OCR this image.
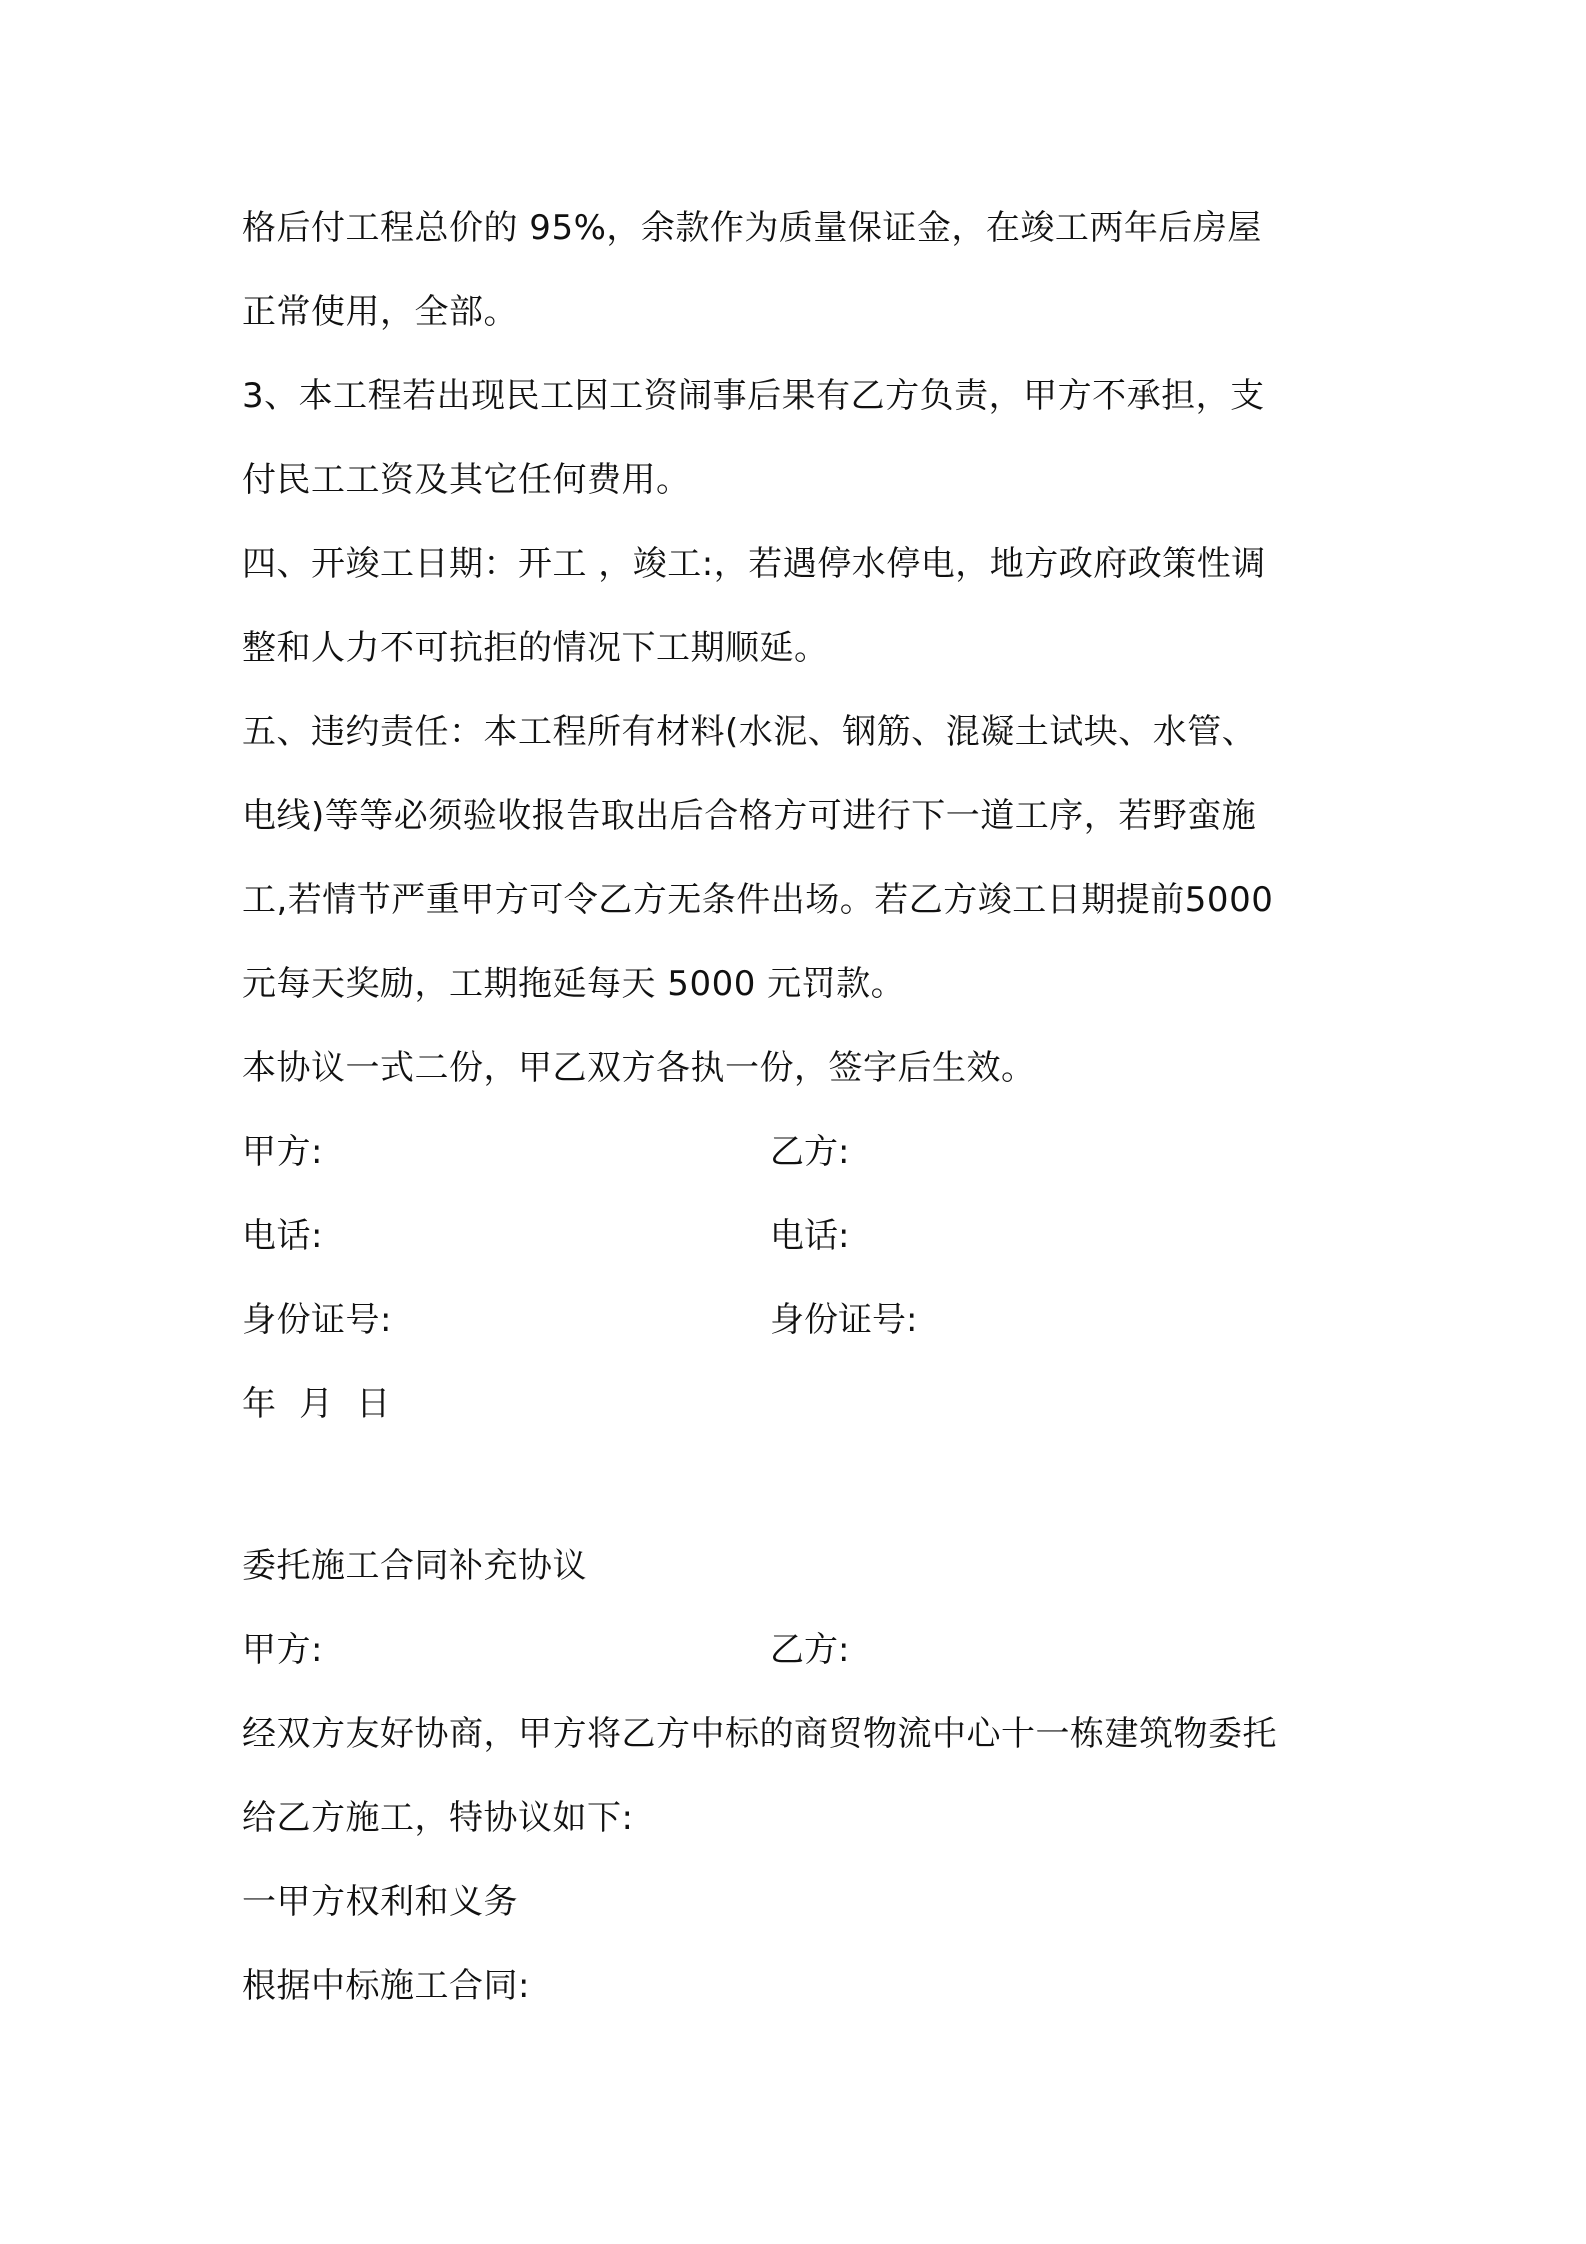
格后付工程总价的 95%，余款作为质量保证金，在竣工两年后房屋
正常使用，全部。
3、本工程若出现民工因工资闹事后果有乙方负责，甲方不承担，支
付民工工资及其它任何费用。
四、开竣工日期：开工 ，竣工:，若遇停水停电，地方政府政策性调
整和人力不可抗拒的情况下工期顺延。
五、违约责任：本工程所有材料(水泥、钢筋、混凝土试块、水管、
电线)等等必须验收报告取出后合格方可进行下一道工序，若野蛮施
工,若情节严重甲方可令乙方无条件出场。若乙方竣工日期提前5000
元每天奖励，工期拖延每天 5000 元罚款。
本协议一式二份，甲乙双方各执一份，签字后生效。
甲方:	乙方:
电话:	电话:
身份证号:	身份证号:
年  月  日
委托施工合同补充协议
甲方:	乙方:
经双方友好协商，甲方将乙方中标的商贸物流中心十一栋建筑物委托
给乙方施工，特协议如下:
一甲方权利和义务
根据中标施工合同:
